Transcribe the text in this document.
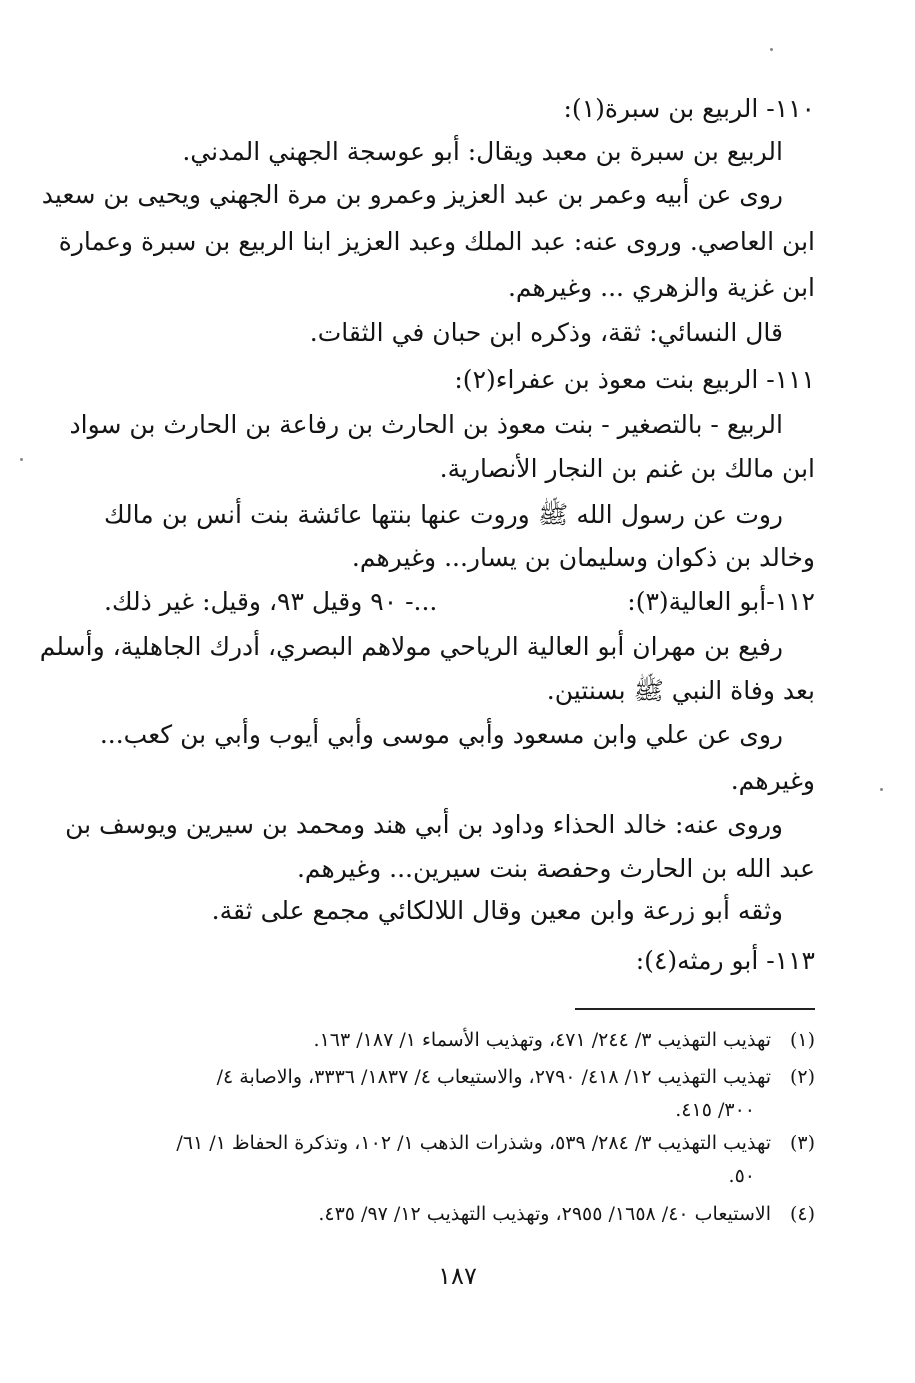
١١٠- الربيع بن سبرة(١):
الربيع بن سبرة بن معبد ويقال: أبو عوسجة الجهني المدني.
روى عن أبيه وعمر بن عبد العزيز وعمرو بن مرة الجهني ويحيى بن سعيد
ابن العاصي. وروى عنه: عبد الملك وعبد العزيز ابنا الربيع بن سبرة وعمارة
ابن غزية والزهري ... وغيرهم.
قال النسائي: ثقة، وذكره ابن حبان في الثقات.
١١١- الربيع بنت معوذ بن عفراء(٢):
الربيع - بالتصغير - بنت معوذ بن الحارث بن رفاعة بن الحارث بن سواد
ابن مالك بن غنم بن النجار الأنصارية.
روت عن رسول الله ﷺ وروت عنها بنتها عائشة بنت أنس بن مالك
وخالد بن ذكوان وسليمان بن يسار... وغيرهم.
١١٢-أبو العالية(٣):
...- ٩٠ وقيل ٩٣، وقيل: غير ذلك.
رفيع بن مهران أبو العالية الرياحي مولاهم البصري، أدرك الجاهلية، وأسلم
بعد وفاة النبي ﷺ بسنتين.
روى عن علي وابن مسعود وأبي موسى وأبي أيوب وأبي بن كعب...
وغيرهم.
وروى عنه: خالد الحذاء وداود بن أبي هند ومحمد بن سيرين ويوسف بن
عبد الله بن الحارث وحفصة بنت سيرين... وغيرهم.
وثقه أبو زرعة وابن معين وقال اللالكائي مجمع على ثقة.
١١٣- أبو رمثه(٤):
(١)تهذيب التهذيب ٣/ ٢٤٤/ ٤٧١، وتهذيب الأسماء ١/ ١٨٧/ ١٦٣.
(٢)تهذيب التهذيب ١٢/ ٤١٨/ ٢٧٩٠، والاستيعاب ٤/ ١٨٣٧/ ٣٣٣٦، والاصابة ٤/
٣٠٠/ ٤١٥.
(٣)تهذيب التهذيب ٣/ ٢٨٤/ ٥٣٩، وشذرات الذهب ١/ ١٠٢، وتذكرة الحفاظ ١/ ٦١/
٥٠.
(٤)الاستيعاب ٤٠/ ١٦٥٨/ ٢٩٥٥، وتهذيب التهذيب ١٢/ ٩٧/ ٤٣٥.
١٨٧
